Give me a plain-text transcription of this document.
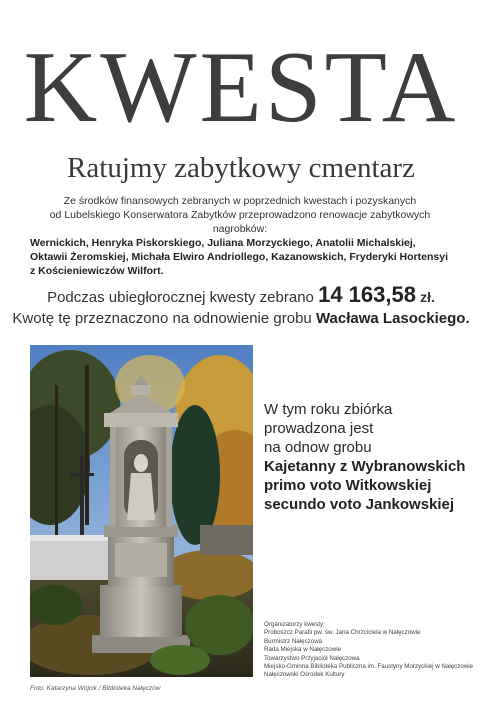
KWESTA
Ratujmy zabytkowy cmentarz
Ze środków finansowych zebranych w poprzednich kwestach i pozyskanych
od Lubelskiego Konserwatora Zabytków przeprowadzono renowacje zabytkowych nagrobków:
Wernickich, Henryka Piskorskiego, Juliana Morzyckiego, Anatolii Michalskiej,
Oktawii Żeromskiej, Michała Elwiro Andriollego, Kazanowskich, Fryderyki Hortensyi
z Kościeniewiczów Wilfort.
Podczas ubiegłorocznej kwesty zebrano 14 163,58 zł.
Kwotę tę przeznaczono na odnowienie grobu Wacława Lasockiego.
W tym roku zbiórka
prowadzona jest
na odnow grobu
Kajetanny z Wybranowskich
primo voto Witkowskiej
secundo voto Jankowskiej
Organizatorzy kwesty:
Proboszcz Parafii pw. św. Jana Chrzciciela w Nałęczowie
Burmistrz Nałęczowa
Rada Miejska w Nałęczowie
Towarzystwo Przyjaciół Nałęczowa
Miejsko-Gminna Biblioteka Publiczna im. Faustyny Morzyckiej w Nałęczowie
Nałęczowski Ośrodek Kultury
Foto: Katarzyna Wójcik / Biblioteka Nałęczów
